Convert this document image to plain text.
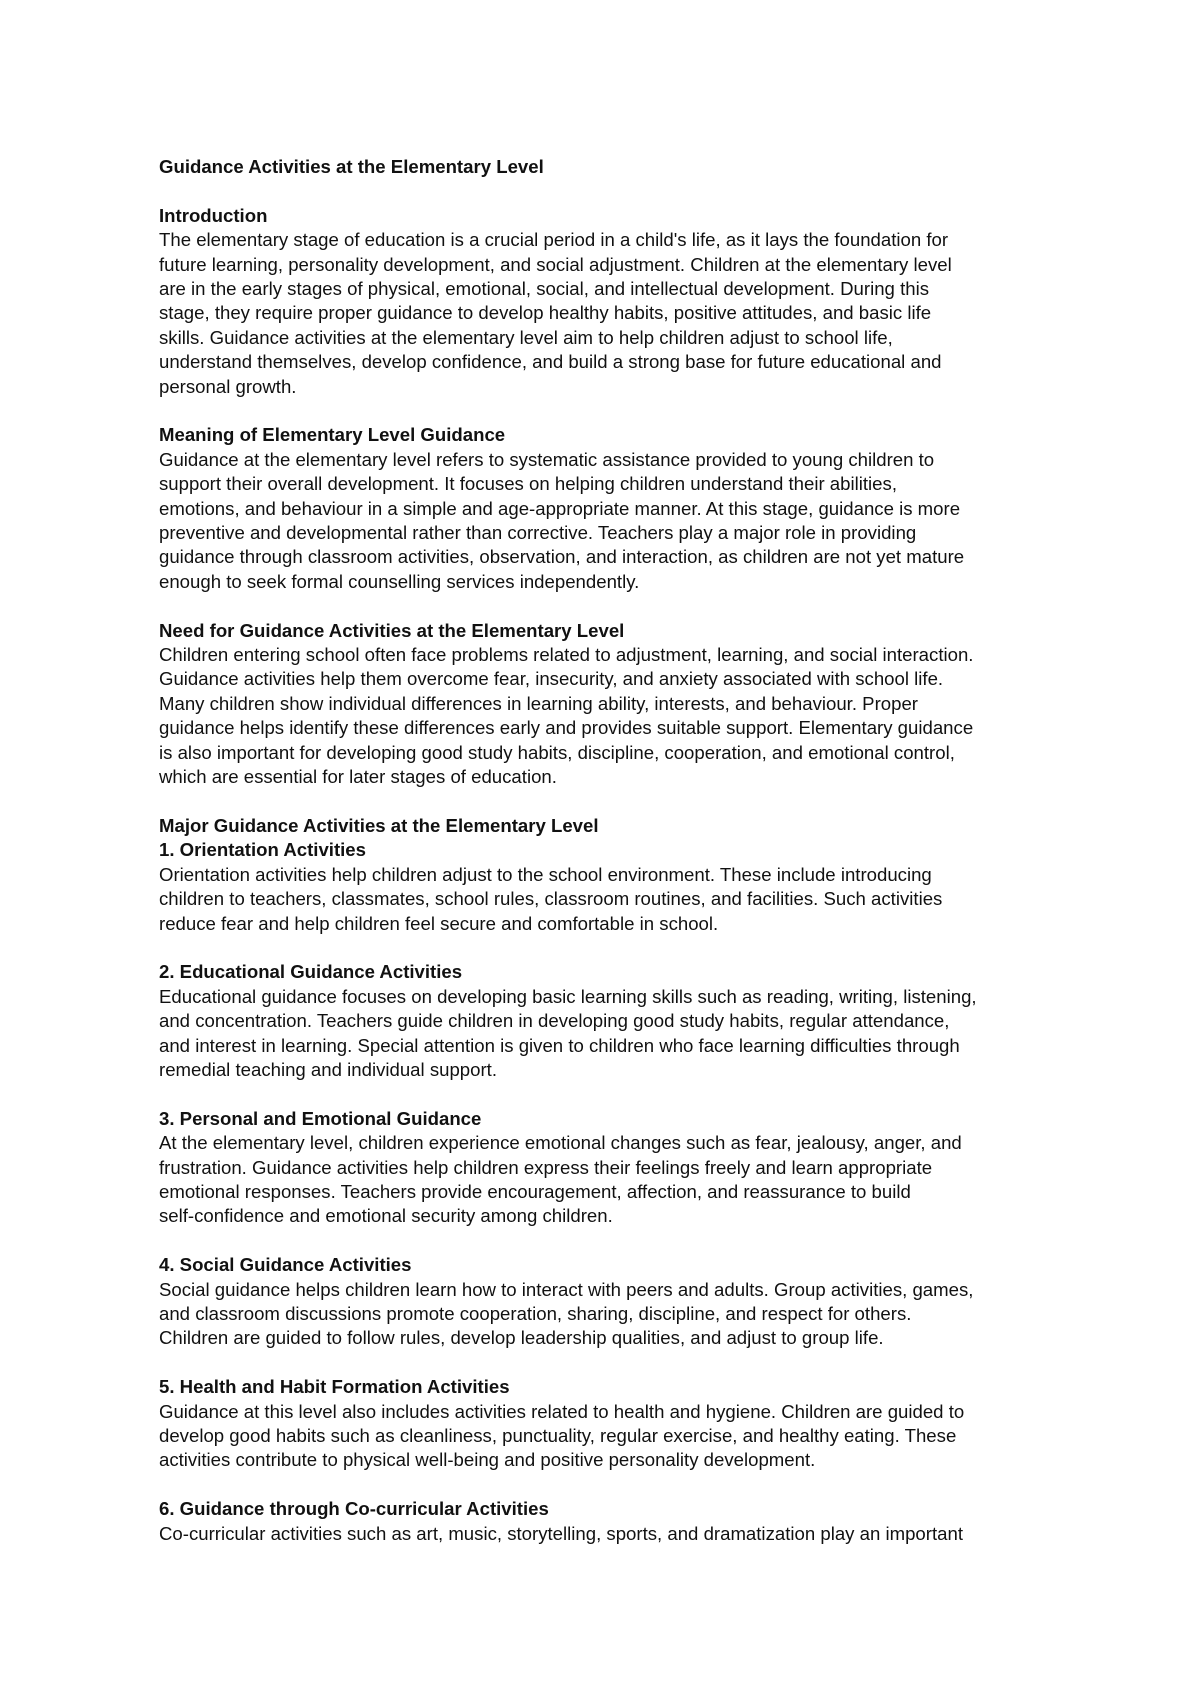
Guidance Activities at the Elementary Level
Introduction
The elementary stage of education is a crucial period in a child's life, as it lays the foundation for
future learning, personality development, and social adjustment. Children at the elementary level
are in the early stages of physical, emotional, social, and intellectual development. During this
stage, they require proper guidance to develop healthy habits, positive attitudes, and basic life
skills. Guidance activities at the elementary level aim to help children adjust to school life,
understand themselves, develop confidence, and build a strong base for future educational and
personal growth.
Meaning of Elementary Level Guidance
Guidance at the elementary level refers to systematic assistance provided to young children to
support their overall development. It focuses on helping children understand their abilities,
emotions, and behaviour in a simple and age-appropriate manner. At this stage, guidance is more
preventive and developmental rather than corrective. Teachers play a major role in providing
guidance through classroom activities, observation, and interaction, as children are not yet mature
enough to seek formal counselling services independently.
Need for Guidance Activities at the Elementary Level
Children entering school often face problems related to adjustment, learning, and social interaction.
Guidance activities help them overcome fear, insecurity, and anxiety associated with school life.
Many children show individual differences in learning ability, interests, and behaviour. Proper
guidance helps identify these differences early and provides suitable support. Elementary guidance
is also important for developing good study habits, discipline, cooperation, and emotional control,
which are essential for later stages of education.
Major Guidance Activities at the Elementary Level
1. Orientation Activities
Orientation activities help children adjust to the school environment. These include introducing
children to teachers, classmates, school rules, classroom routines, and facilities. Such activities
reduce fear and help children feel secure and comfortable in school.
2. Educational Guidance Activities
Educational guidance focuses on developing basic learning skills such as reading, writing, listening,
and concentration. Teachers guide children in developing good study habits, regular attendance,
and interest in learning. Special attention is given to children who face learning difficulties through
remedial teaching and individual support.
3. Personal and Emotional Guidance
At the elementary level, children experience emotional changes such as fear, jealousy, anger, and
frustration. Guidance activities help children express their feelings freely and learn appropriate
emotional responses. Teachers provide encouragement, affection, and reassurance to build
self-confidence and emotional security among children.
4. Social Guidance Activities
Social guidance helps children learn how to interact with peers and adults. Group activities, games,
and classroom discussions promote cooperation, sharing, discipline, and respect for others.
Children are guided to follow rules, develop leadership qualities, and adjust to group life.
5. Health and Habit Formation Activities
Guidance at this level also includes activities related to health and hygiene. Children are guided to
develop good habits such as cleanliness, punctuality, regular exercise, and healthy eating. These
activities contribute to physical well-being and positive personality development.
6. Guidance through Co-curricular Activities
Co-curricular activities such as art, music, storytelling, sports, and dramatization play an important
